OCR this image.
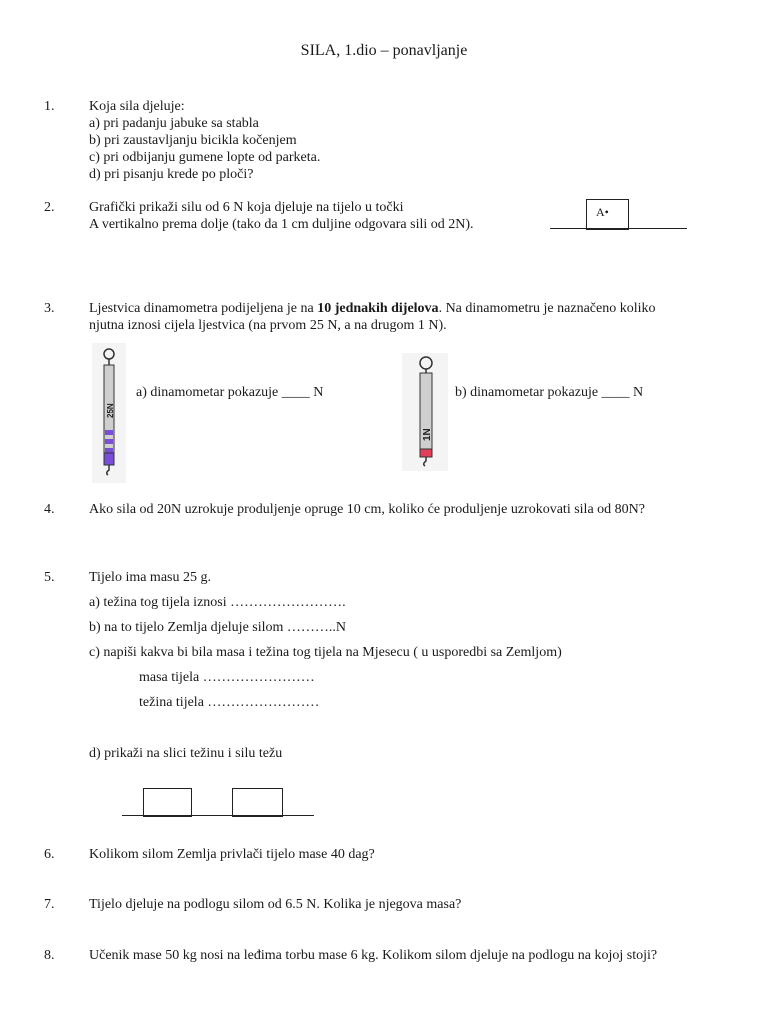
SILA, 1.dio – ponavljanje
1.	Koja sila djeluje:
a) pri padanju jabuke sa stabla
b) pri zaustavljanju bicikla kočenjem
c) pri odbijanju gumene lopte od parketa.
d) pri pisanju krede po ploči?
2.	Grafički prikaži silu od 6 N koja djeluje na tijelo u točki
A vertikalno prema dolje (tako da 1 cm duljine odgovara sili od 2N).
A•
3.	Ljestvica dinamometra podijeljena je na 10 jednakih dijelova. Na dinamometru je naznačeno koliko
njutna iznosi cijela ljestvica (na prvom 25 N, a na drugom 1 N).
25N
a) dinamometar pokazuje ____ N
1N
b) dinamometar pokazuje ____ N
4.	Ako sila od 20N uzrokuje produljenje opruge 10 cm, koliko će produljenje uzrokovati sila od 80N?
5.	Tijelo ima masu 25 g.
a) težina tog tijela iznosi …………………….
b) na to tijelo Zemlja djeluje silom ………..N
c) napiši kakva bi bila masa i težina tog tijela na Mjesecu ( u usporedbi sa Zemljom)
masa tijela ……………………
težina tijela ……………………
d) prikaži na slici težinu i silu težu
6.	Kolikom silom Zemlja privlači tijelo mase 40 dag?
7.	Tijelo djeluje na podlogu silom od 6.5 N. Kolika je njegova masa?
8.	Učenik mase 50 kg nosi na leđima torbu mase 6 kg. Kolikom silom djeluje na podlogu na kojoj stoji?
